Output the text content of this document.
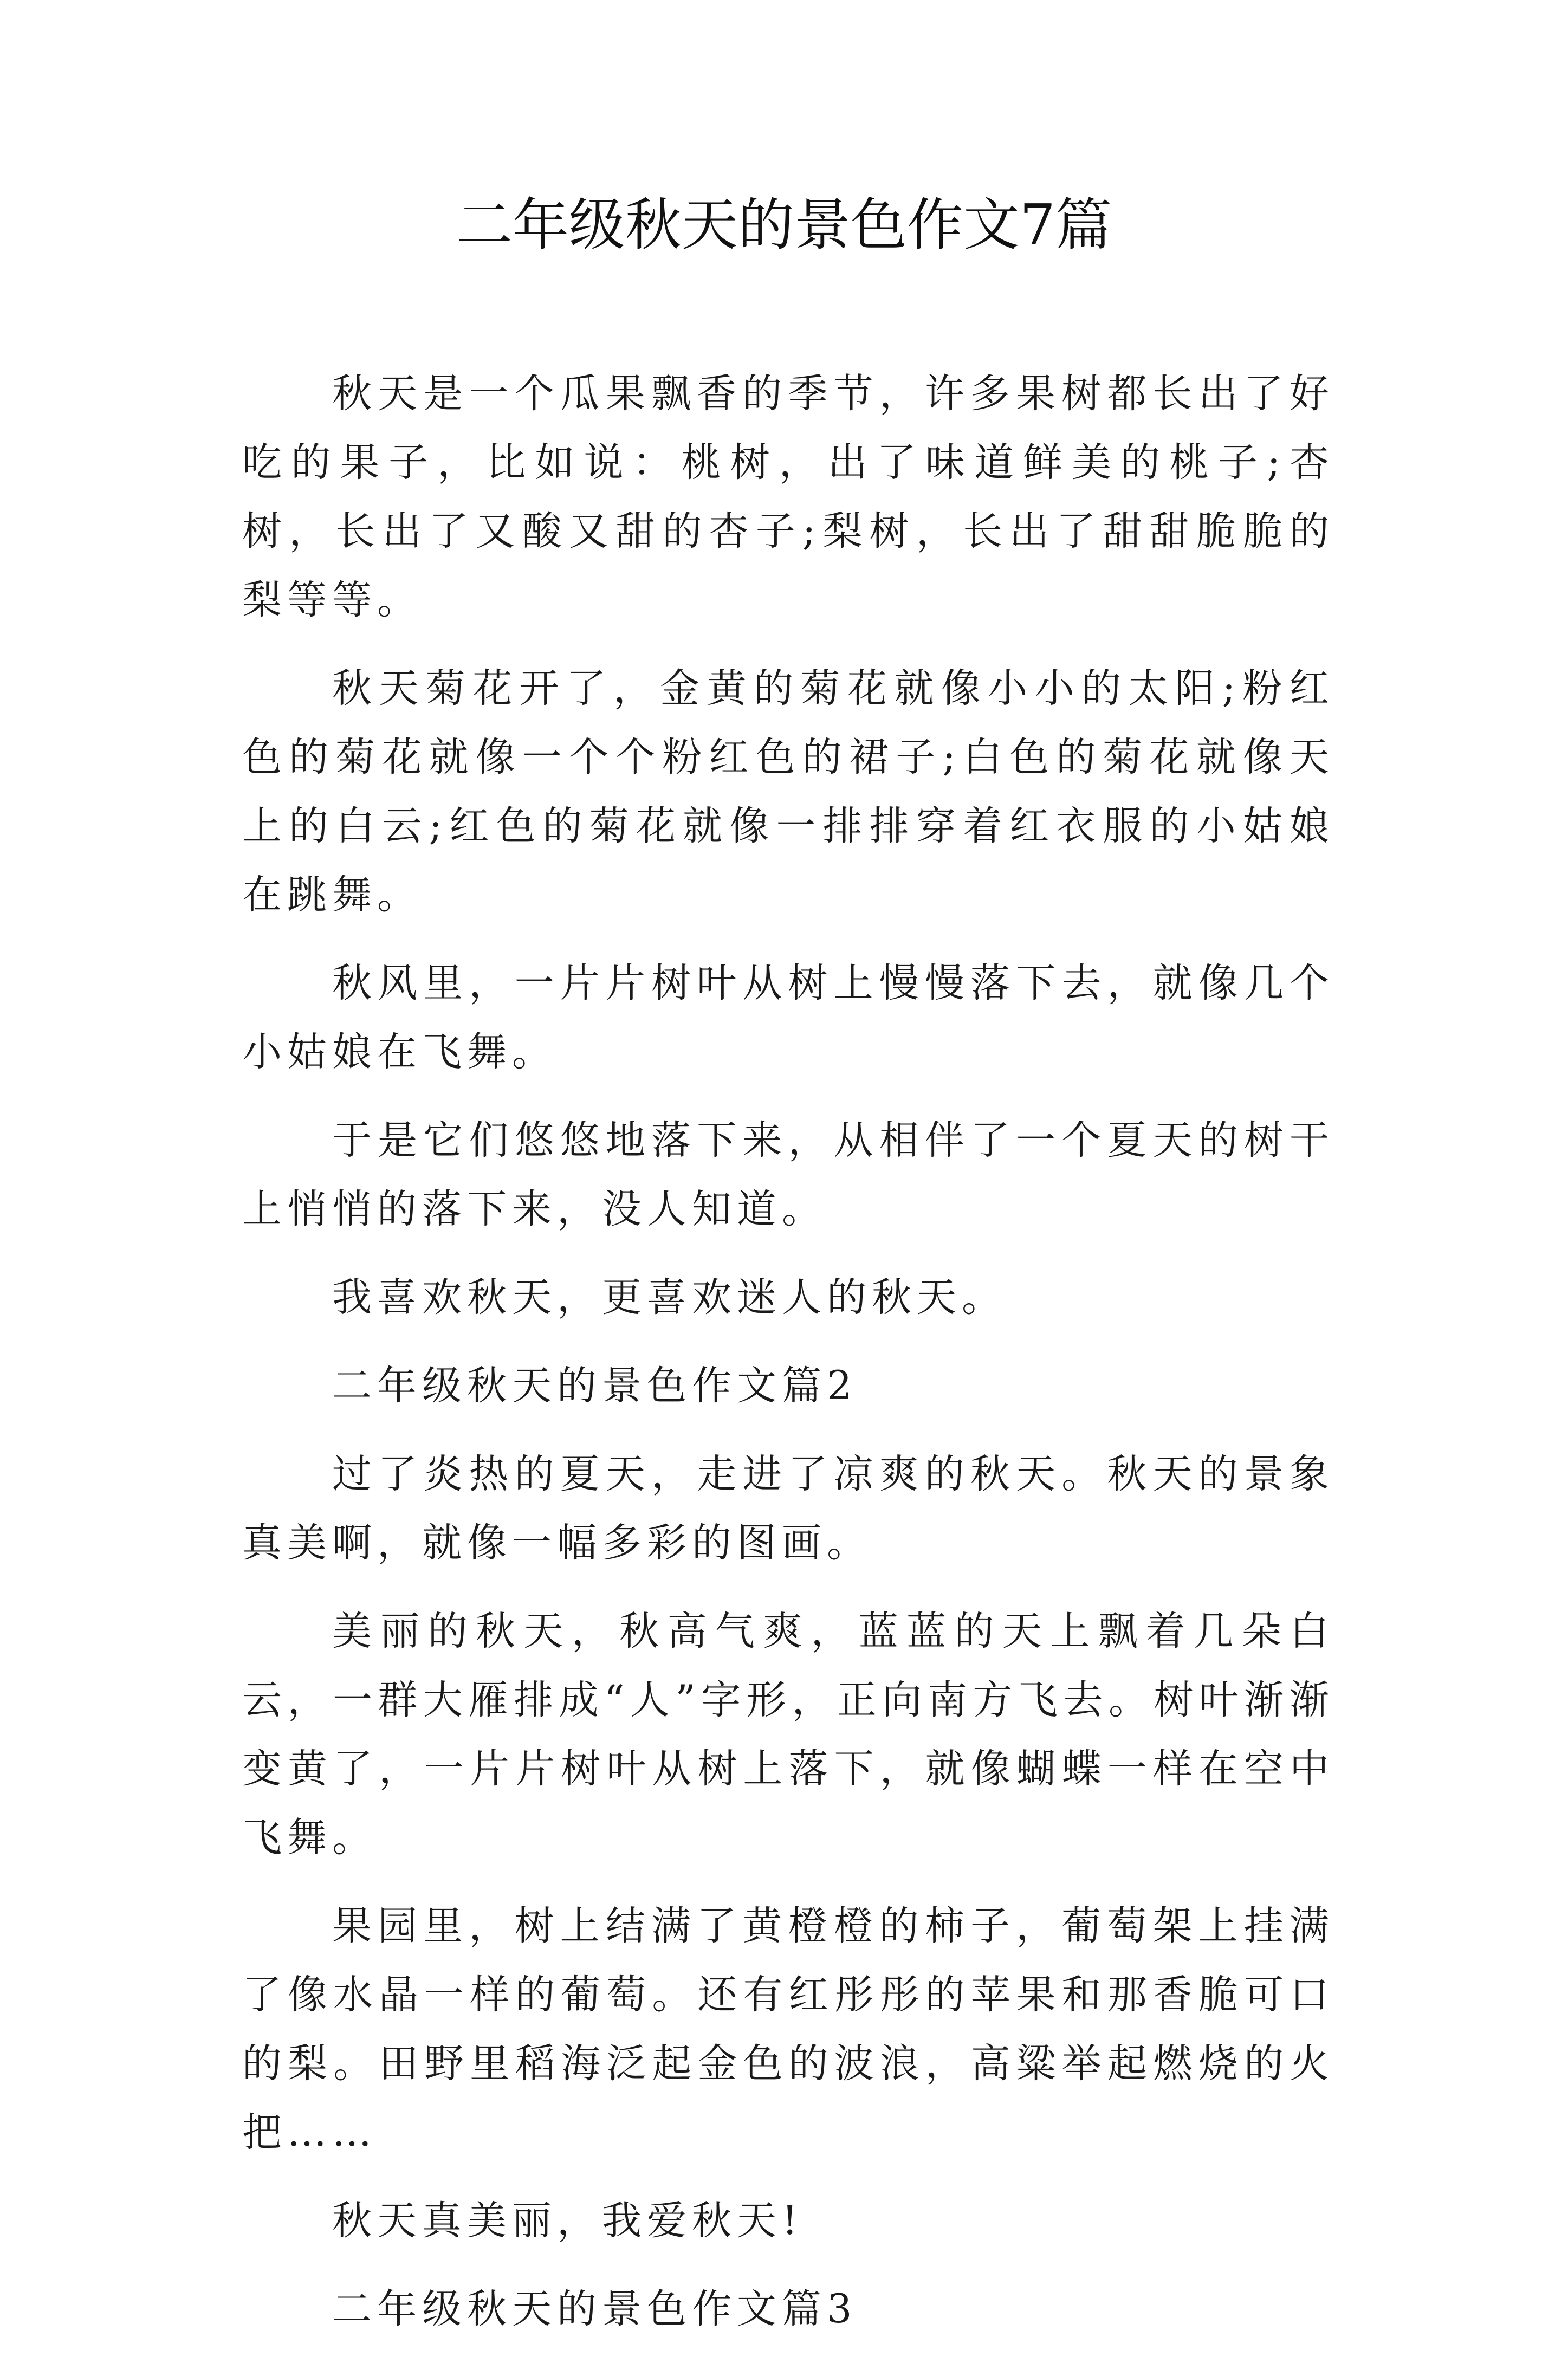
二年级秋天的景色作文7篇

秋天是一个瓜果飘香的季节，许多果树都长出了好吃的果子，比如说：桃树，出了味道鲜美的桃子;杏树，长出了又酸又甜的杏子;梨树，长出了甜甜脆脆的梨等等。

秋天菊花开了，金黄的菊花就像小小的太阳;粉红色的菊花就像一个个粉红色的裙子;白色的菊花就像天上的白云;红色的菊花就像一排排穿着红衣服的小姑娘在跳舞。

秋风里，一片片树叶从树上慢慢落下去，就像几个小姑娘在飞舞。

于是它们悠悠地落下来，从相伴了一个夏天的树干上悄悄的落下来，没人知道。

我喜欢秋天，更喜欢迷人的秋天。

二年级秋天的景色作文篇2

过了炎热的夏天，走进了凉爽的秋天。秋天的景象真美啊，就像一幅多彩的图画。

美丽的秋天，秋高气爽，蓝蓝的天上飘着几朵白云，一群大雁排成“人”字形，正向南方飞去。树叶渐渐变黄了，一片片树叶从树上落下，就像蝴蝶一样在空中飞舞。

果园里，树上结满了黄橙橙的柿子，葡萄架上挂满了像水晶一样的葡萄。还有红彤彤的苹果和那香脆可口的梨。田野里稻海泛起金色的波浪，高粱举起燃烧的火把……

秋天真美丽，我爱秋天!

二年级秋天的景色作文篇3
